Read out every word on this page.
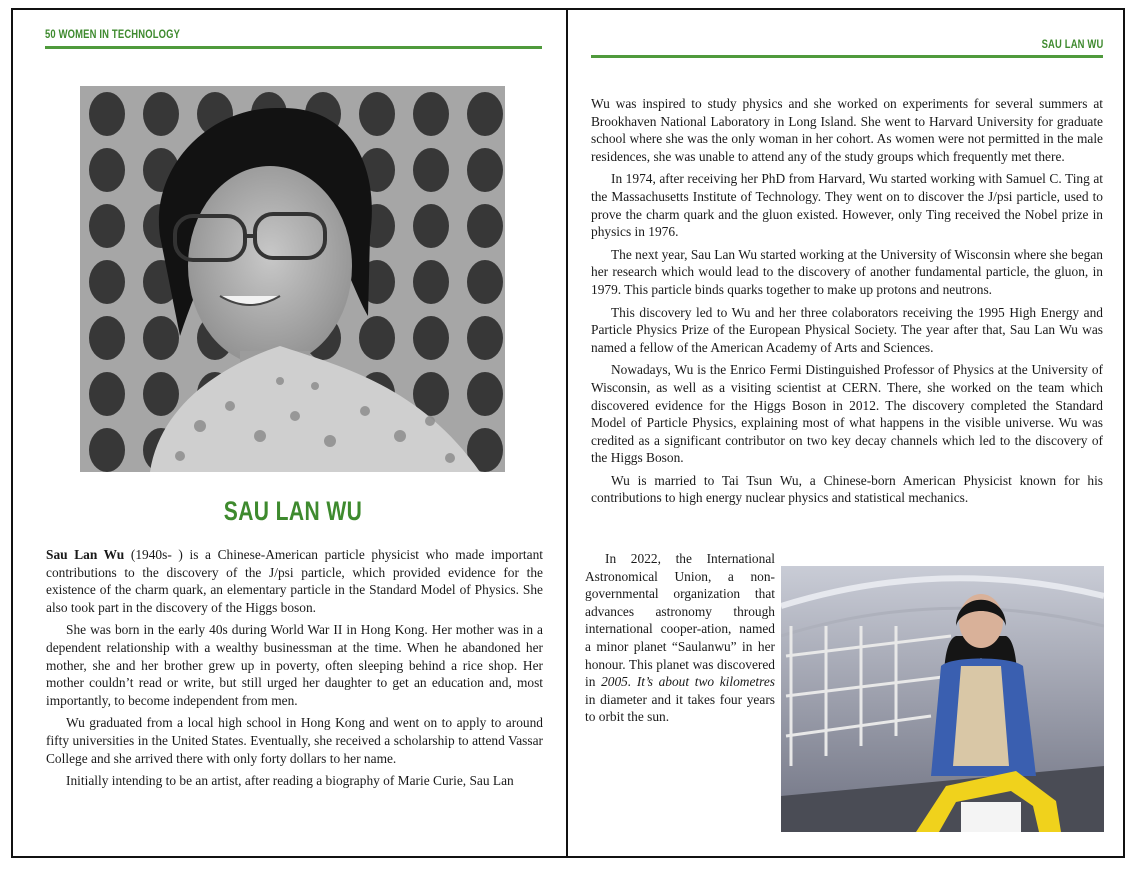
50 WOMEN IN TECHNOLOGY
SAU LAN WU

Sau Lan Wu (1940s- ) is a Chinese-American particle physicist who made important contributions to the discovery of the J/psi particle, which provided evidence for the existence of the charm quark, an elementary particle in the Standard Model of Physics. She also took part in the discovery of the Higgs boson.

She was born in the early 40s during World War II in Hong Kong. Her mother was in a dependent relationship with a wealthy businessman at the time. When he abandoned her mother, she and her brother grew up in poverty, often sleeping behind a rice shop. Her mother couldn’t read or write, but still urged her daughter to get an education and, most importantly, to become independent from men.

Wu graduated from a local high school in Hong Kong and went on to apply to around fifty universities in the United States. Eventually, she received a scholarship to attend Vassar College and she arrived there with only forty dollars to her name.

Initially intending to be an artist, after reading a biography of Marie Curie, Sau Lan

SAU LAN WU

Wu was inspired to study physics and she worked on experiments for several summers at Brookhaven National Laboratory in Long Island. She went to Harvard University for graduate school where she was the only woman in her cohort. As women were not permitted in the male residences, she was unable to attend any of the study groups which frequently met there.

In 1974, after receiving her PhD from Harvard, Wu started working with Samuel C. Ting at the Massachusetts Institute of Technology. They went on to discover the J/psi particle, used to prove the charm quark and the gluon existed. However, only Ting received the Nobel prize in physics in 1976.

The next year, Sau Lan Wu started working at the University of Wisconsin where she began her research which would lead to the discovery of another fundamental particle, the gluon, in 1979. This particle binds quarks together to make up protons and neutrons.

This discovery led to Wu and her three colaborators receiving the 1995 High Energy and Particle Physics Prize of the European Physical Society. The year after that, Sau Lan Wu was named a fellow of the American Academy of Arts and Sciences.

Nowadays, Wu is the Enrico Fermi Distinguished Professor of Physics at the University of Wisconsin, as well as a visiting scientist at CERN. There, she worked on the team which discovered evidence for the Higgs Boson in 2012. The discovery completed the Standard Model of Particle Physics, explaining most of what happens in the visible universe. Wu was credited as a significant contributor on two key decay channels which led to the discovery of the Higgs Boson.

Wu is married to Tai Tsun Wu, a Chinese-born American Physicist known for his contributions to high energy nuclear physics and statistical mechanics.

In 2022, the International Astronomical Union, a non-governmental organization that advances astronomy through international cooper-ation, named a minor planet “Saulanwu” in her honour. This planet was discovered in 2005. It’s about two kilometres in diameter and it takes four years to orbit the sun.
